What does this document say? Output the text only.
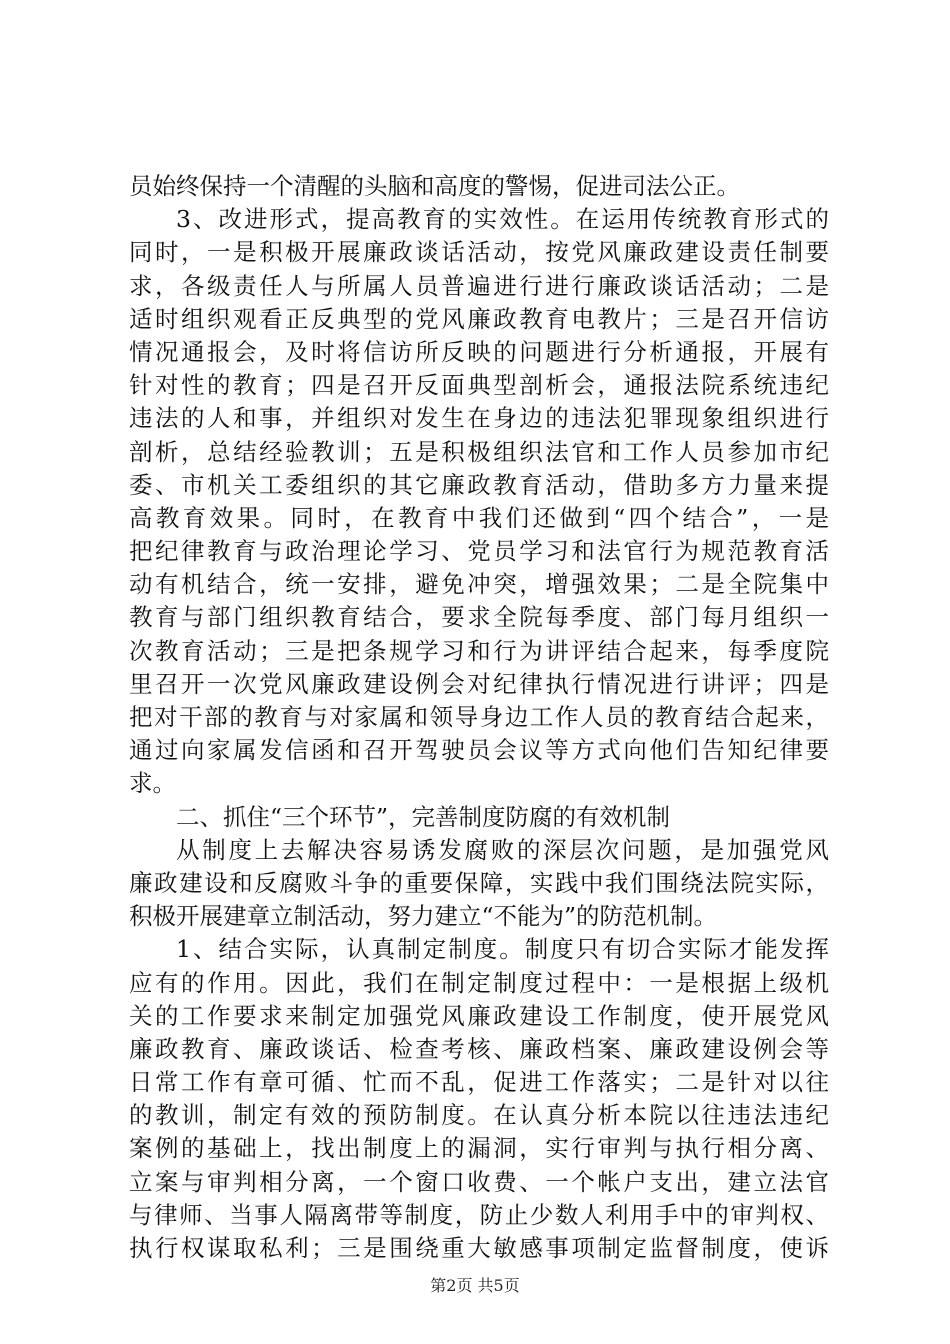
员始终保持一个清醒的头脑和高度的警惕，促进司法公正。
3、改进形式，提高教育的实效性。在运用传统教育形式的
同时，一是积极开展廉政谈话活动，按党风廉政建设责任制要
求，各级责任人与所属人员普遍进行进行廉政谈话活动；二是
适时组织观看正反典型的党风廉政教育电教片；三是召开信访
情况通报会，及时将信访所反映的问题进行分析通报，开展有
针对性的教育；四是召开反面典型剖析会，通报法院系统违纪
违法的人和事，并组织对发生在身边的违法犯罪现象组织进行
剖析，总结经验教训；五是积极组织法官和工作人员参加市纪
委、市机关工委组织的其它廉政教育活动，借助多方力量来提
高教育效果。同时，在教育中我们还做到“四个结合”，一是
把纪律教育与政治理论学习、党员学习和法官行为规范教育活
动有机结合，统一安排，避免冲突，增强效果；二是全院集中
教育与部门组织教育结合，要求全院每季度、部门每月组织一
次教育活动；三是把条规学习和行为讲评结合起来，每季度院
里召开一次党风廉政建设例会对纪律执行情况进行讲评；四是
把对干部的教育与对家属和领导身边工作人员的教育结合起来，
通过向家属发信函和召开驾驶员会议等方式向他们告知纪律要
求。
二、抓住“三个环节”，完善制度防腐的有效机制
从制度上去解决容易诱发腐败的深层次问题，是加强党风
廉政建设和反腐败斗争的重要保障，实践中我们围绕法院实际，
积极开展建章立制活动，努力建立“不能为”的防范机制。
1、结合实际，认真制定制度。制度只有切合实际才能发挥
应有的作用。因此，我们在制定制度过程中：一是根据上级机
关的工作要求来制定加强党风廉政建设工作制度，使开展党风
廉政教育、廉政谈话、检查考核、廉政档案、廉政建设例会等
日常工作有章可循、忙而不乱，促进工作落实；二是针对以往
的教训，制定有效的预防制度。在认真分析本院以往违法违纪
案例的基础上，找出制度上的漏洞，实行审判与执行相分离、
立案与审判相分离，一个窗口收费、一个帐户支出，建立法官
与律师、当事人隔离带等制度，防止少数人利用手中的审判权、
执行权谋取私利；三是围绕重大敏感事项制定监督制度，使诉
第2页 共5页
